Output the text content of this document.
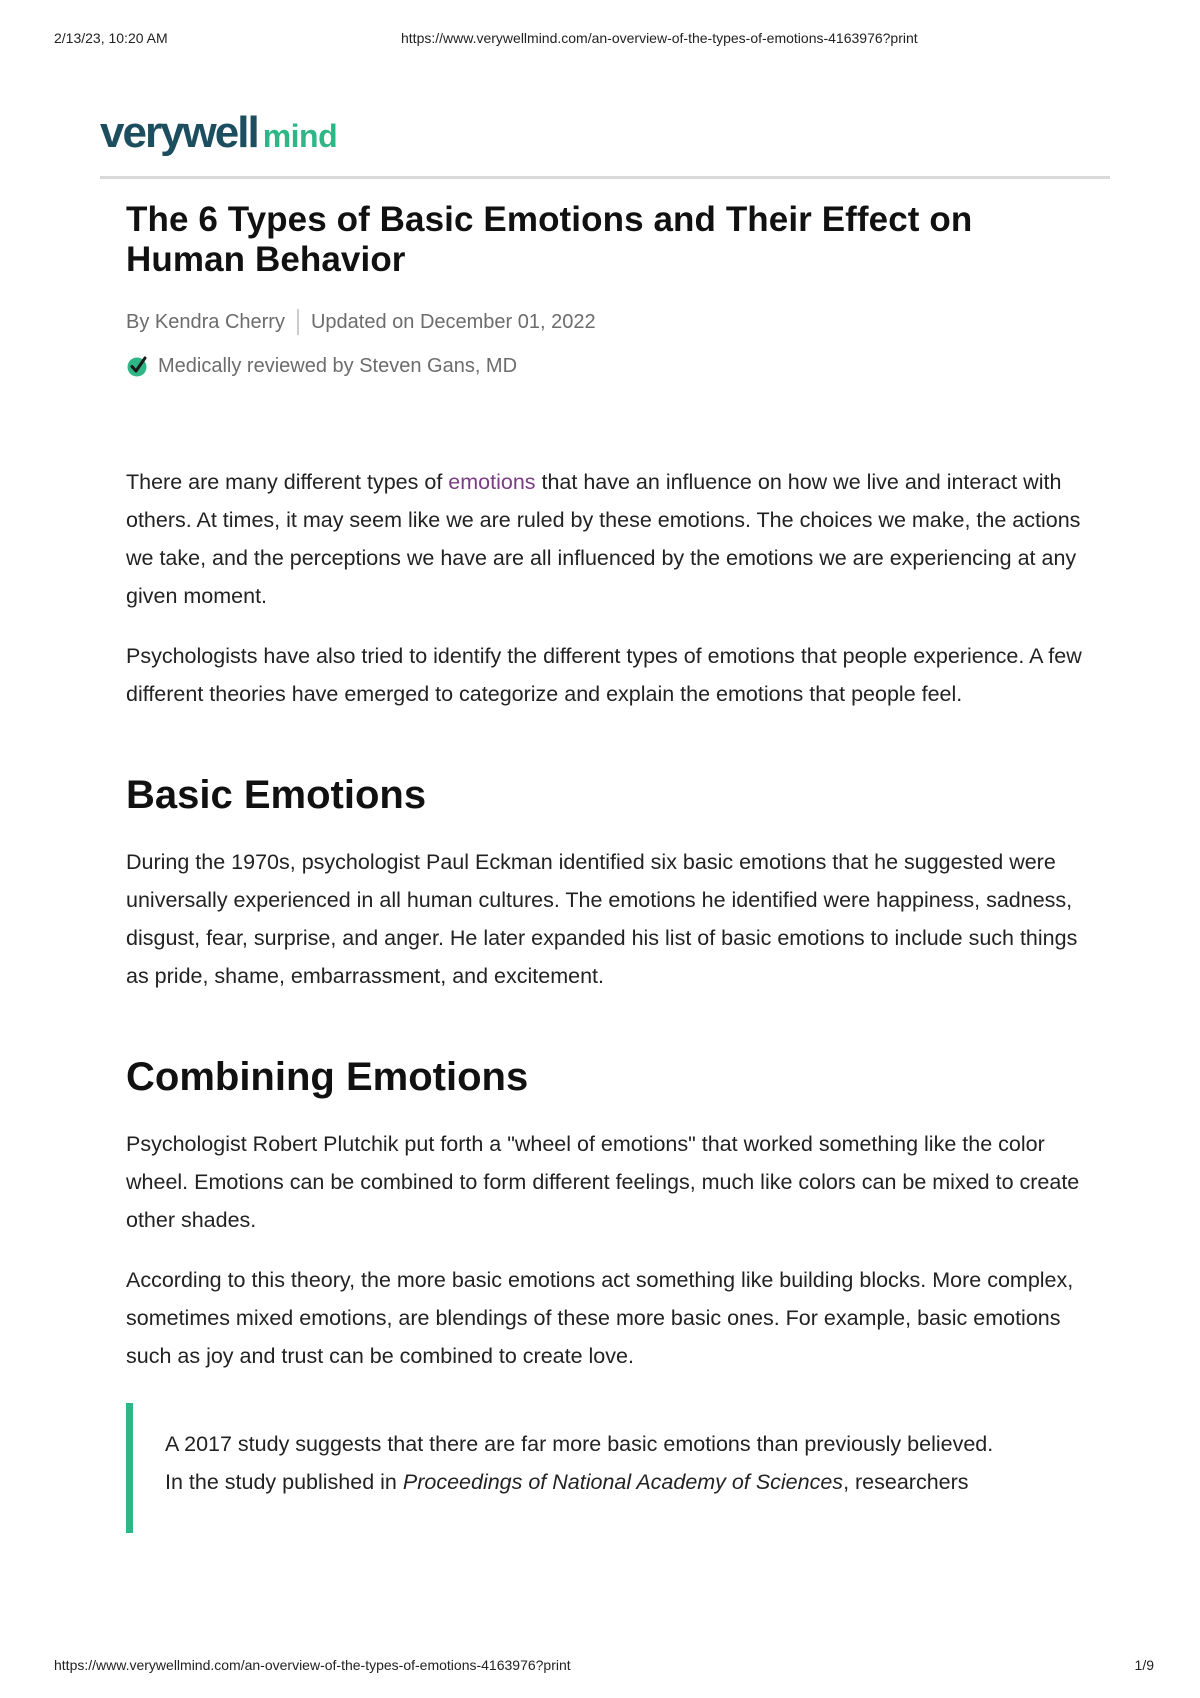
2/13/23, 10:20 AM	https://www.verywellmind.com/an-overview-of-the-types-of-emotions-4163976?print
verywell mind
The 6 Types of Basic Emotions and Their Effect on Human Behavior
By Kendra Cherry Updated on December 01, 2022
Medically reviewed by Steven Gans, MD

There are many different types of emotions that have an influence on how we live and interact with others. At times, it may seem like we are ruled by these emotions. The choices we make, the actions we take, and the perceptions we have are all influenced by the emotions we are experiencing at any given moment.

Psychologists have also tried to identify the different types of emotions that people experience. A few different theories have emerged to categorize and explain the emotions that people feel.

Basic Emotions

During the 1970s, psychologist Paul Eckman identified six basic emotions that he suggested were universally experienced in all human cultures. The emotions he identified were happiness, sadness, disgust, fear, surprise, and anger. He later expanded his list of basic emotions to include such things as pride, shame, embarrassment, and excitement.

Combining Emotions

Psychologist Robert Plutchik put forth a "wheel of emotions" that worked something like the color wheel. Emotions can be combined to form different feelings, much like colors can be mixed to create other shades.

According to this theory, the more basic emotions act something like building blocks. More complex, sometimes mixed emotions, are blendings of these more basic ones. For example, basic emotions such as joy and trust can be combined to create love.

A 2017 study suggests that there are far more basic emotions than previously believed.

In the study published in Proceedings of National Academy of Sciences, researchers

https://www.verywellmind.com/an-overview-of-the-types-of-emotions-4163976?print	1/9
